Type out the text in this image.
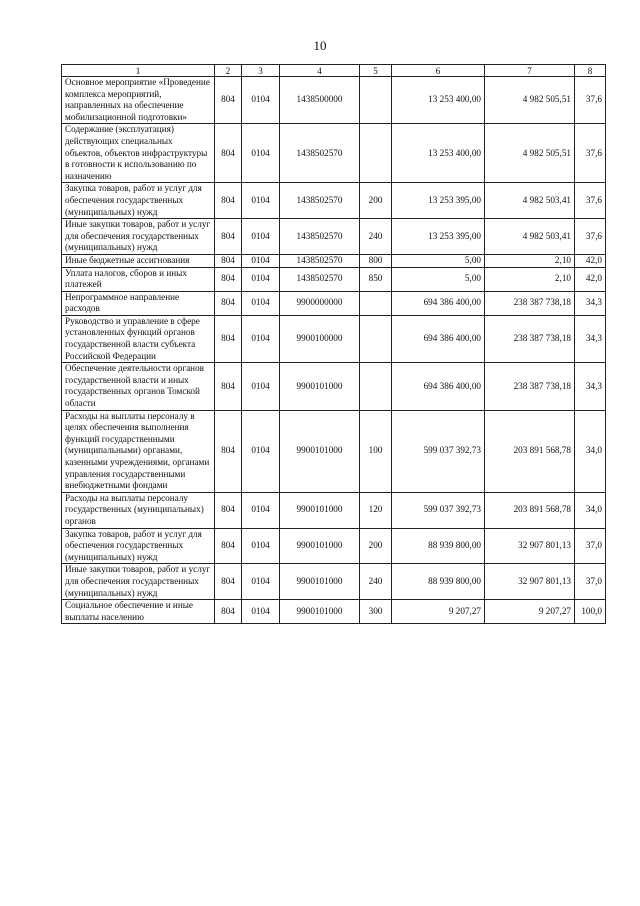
10
1	2	3	4	5	6	7	8
Основное мероприятие «Проведение комплекса мероприятий, направленных на обеспечение мобилизационной подготовки»	804	0104	1438500000		13 253 400,00	4 982 505,51	37,6
Содержание (эксплуатация) действующих специальных объектов, объектов инфраструктуры в готовности к использованию по назначению	804	0104	1438502570		13 253 400,00	4 982 505,51	37,6
Закупка товаров, работ и услуг для обеспечения государственных (муниципальных) нужд	804	0104	1438502570	200	13 253 395,00	4 982 503,41	37,6
Иные закупки товаров, работ и услуг для обеспечения государственных (муниципальных) нужд	804	0104	1438502570	240	13 253 395,00	4 982 503,41	37,6
Иные бюджетные ассигнования	804	0104	1438502570	800	5,00	2,10	42,0
Уплата налогов, сборов и иных платежей	804	0104	1438502570	850	5,00	2,10	42,0
Непрограммное направление расходов	804	0104	9900000000		694 386 400,00	238 387 738,18	34,3
Руководство и управление в сфере установленных функций органов государственной власти субъекта Российской Федерации	804	0104	9900100000		694 386 400,00	238 387 738,18	34,3
Обеспечение деятельности органов государственной власти и иных государственных органов Томской области	804	0104	9900101000		694 386 400,00	238 387 738,18	34,3
Расходы на выплаты персоналу в целях обеспечения выполнения функций государственными (муниципальными) органами, казенными учреждениями, органами управления государственными внебюджетными фондами	804	0104	9900101000	100	599 037 392,73	203 891 568,78	34,0
Расходы на выплаты персоналу государственных (муниципальных) органов	804	0104	9900101000	120	599 037 392,73	203 891 568,78	34,0
Закупка товаров, работ и услуг для обеспечения государственных (муниципальных) нужд	804	0104	9900101000	200	88 939 800,00	32 907 801,13	37,0
Иные закупки товаров, работ и услуг для обеспечения государственных (муниципальных) нужд	804	0104	9900101000	240	88 939 800,00	32 907 801,13	37,0
Социальное обеспечение и иные выплаты населению	804	0104	9900101000	300	9 207,27	9 207,27	100,0
